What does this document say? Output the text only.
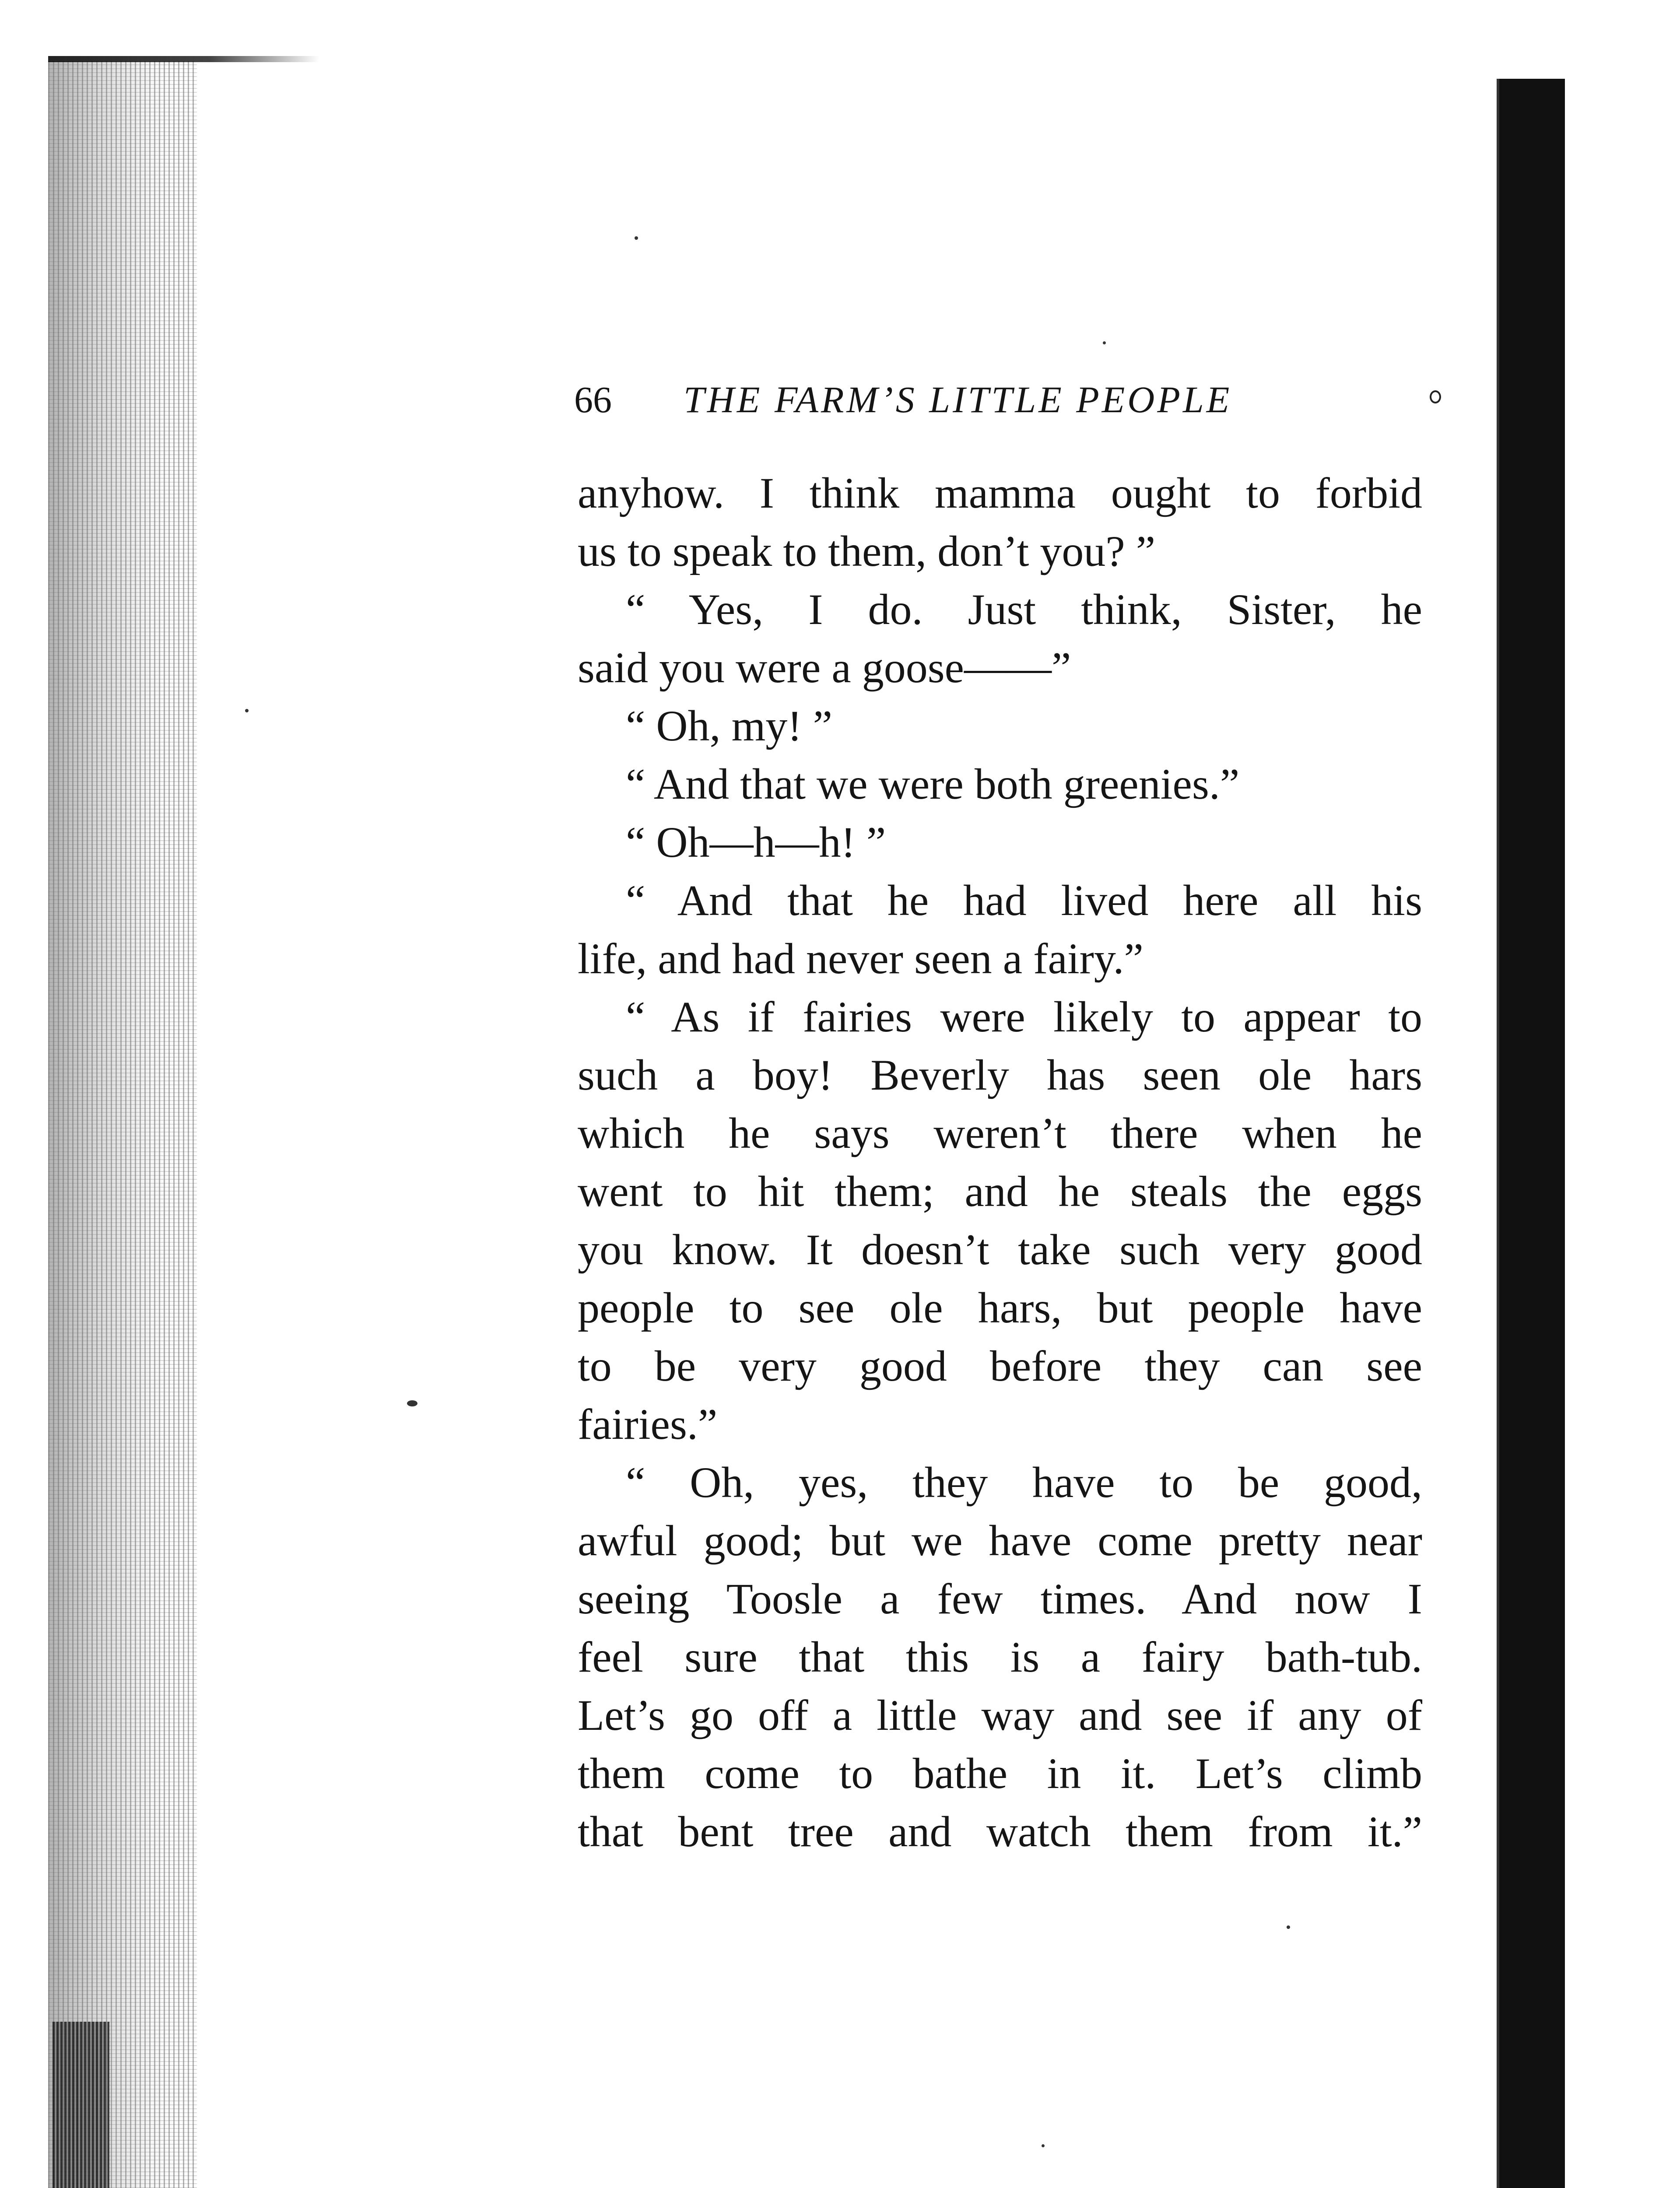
66 THE FARM’S LITTLE PEOPLE
anyhow. I think mamma ought to forbid
us to speak to them, don’t you? ”
“ Yes, I do. Just think, Sister, he
said you were a goose——”
“ Oh, my! ”
“ And that we were both greenies.”
“ Oh—h—h! ”
“ And that he had lived here all his
life, and had never seen a fairy.”
“ As if fairies were likely to appear to
such a boy! Beverly has seen ole hars
which he says weren’t there when he
went to hit them; and he steals the eggs
you know. It doesn’t take such very good
people to see ole hars, but people have
to be very good before they can see
fairies.”
“ Oh, yes, they have to be good,
awful good; but we have come pretty near
seeing Toosle a few times. And now I
feel sure that this is a fairy bath-tub.
Let’s go off a little way and see if any of
them come to bathe in it. Let’s climb
that bent tree and watch them from it.”
